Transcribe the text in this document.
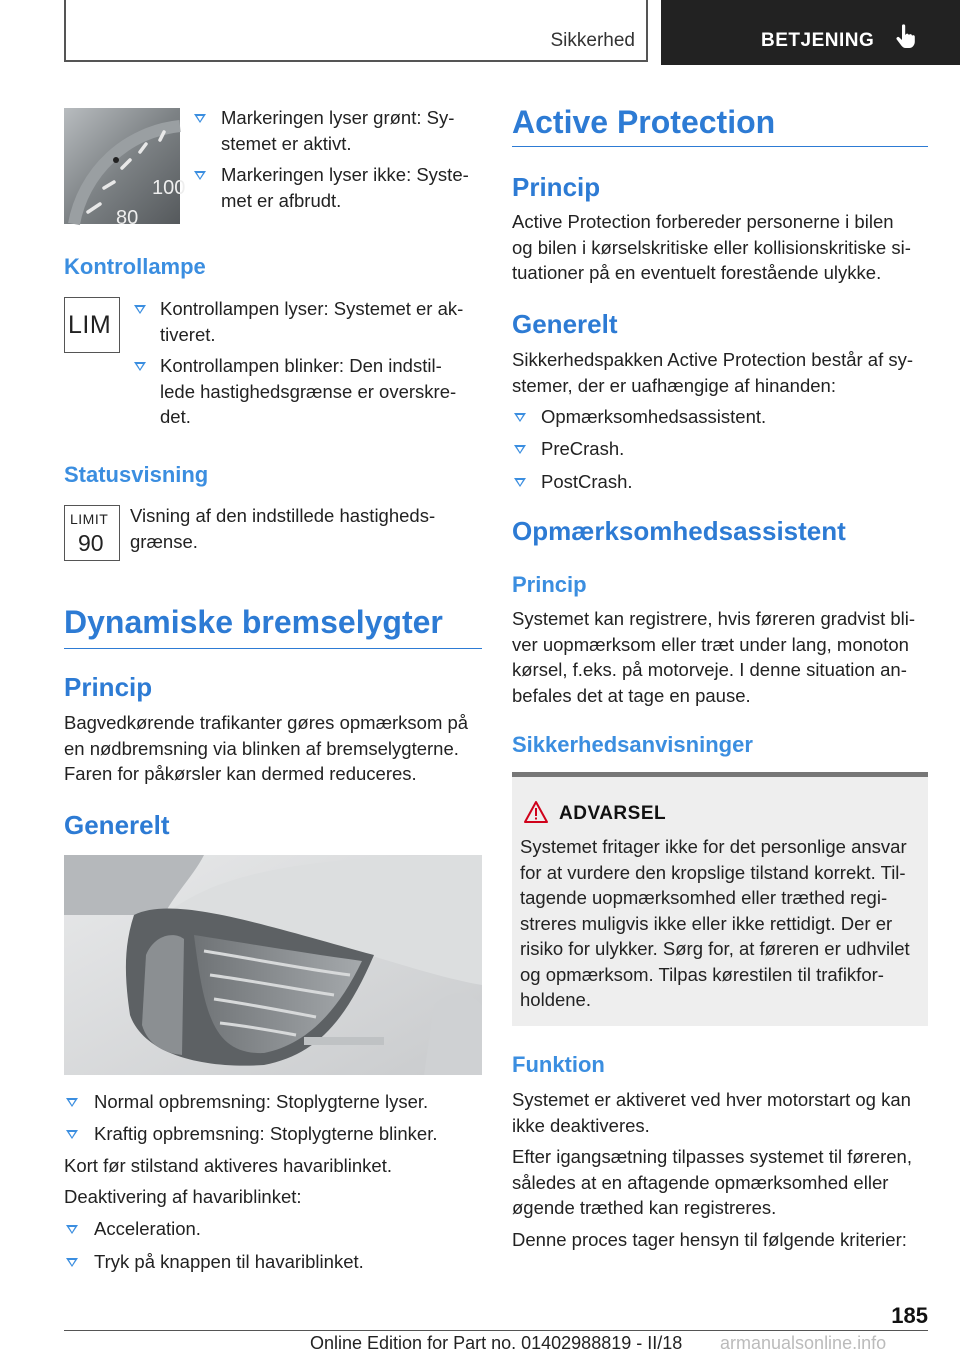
Sikkerhed	BETJENING
100
80
Markeringen lyser grønt: Sy-
stemet er aktivt.
Markeringen lyser ikke: Syste-
met er afbrudt.
Kontrollampe
LIM
Kontrollampen lyser: Systemet er ak-
tiveret.
Kontrollampen blinker: Den indstil-
lede hastighedsgrænse er overskre-
det.
Statusvisning
LIMIT
90
Visning af den indstillede hastigheds-
grænse.
Dynamiske bremselygter
Princip
Bagvedkørende trafikanter gøres opmærksom på
en nødbremsning via blinken af bremselygterne.
Faren for påkørsler kan dermed reduceres.
Generelt
Normal opbremsning: Stoplygterne lyser.
Kraftig opbremsning: Stoplygterne blinker.
Kort før stilstand aktiveres havariblinket.
Deaktivering af havariblinket:
Acceleration.
Tryk på knappen til havariblinket.
Active Protection
Princip
Active Protection forbereder personerne i bilen
og bilen i kørselskritiske eller kollisionskritiske si-
tuationer på en eventuelt forestående ulykke.
Generelt
Sikkerhedspakken Active Protection består af sy-
stemer, der er uafhængige af hinanden:
Opmærksomhedsassistent.
PreCrash.
PostCrash.
Opmærksomhedsassistent
Princip
Systemet kan registrere, hvis føreren gradvist bli-
ver uopmærksom eller træt under lang, monoton
kørsel, f.eks. på motorveje. I denne situation an-
befales det at tage en pause.
Sikkerhedsanvisninger
ADVARSEL
Systemet fritager ikke for det personlige ansvar
for at vurdere den kropslige tilstand korrekt. Til-
tagende uopmærksomhed eller træthed regi-
streres muligvis ikke eller ikke rettidigt. Der er
risiko for ulykker. Sørg for, at føreren er udhvilet
og opmærksom. Tilpas kørestilen til trafikfor-
holdene.
Funktion
Systemet er aktiveret ved hver motorstart og kan
ikke deaktiveres.
Efter igangsætning tilpasses systemet til føreren,
således at en aftagende opmærksomhed eller
øgende træthed kan registreres.
Denne proces tager hensyn til følgende kriterier:
185
Online Edition for Part no. 01402988819 - II/18 armanualsonline.info
